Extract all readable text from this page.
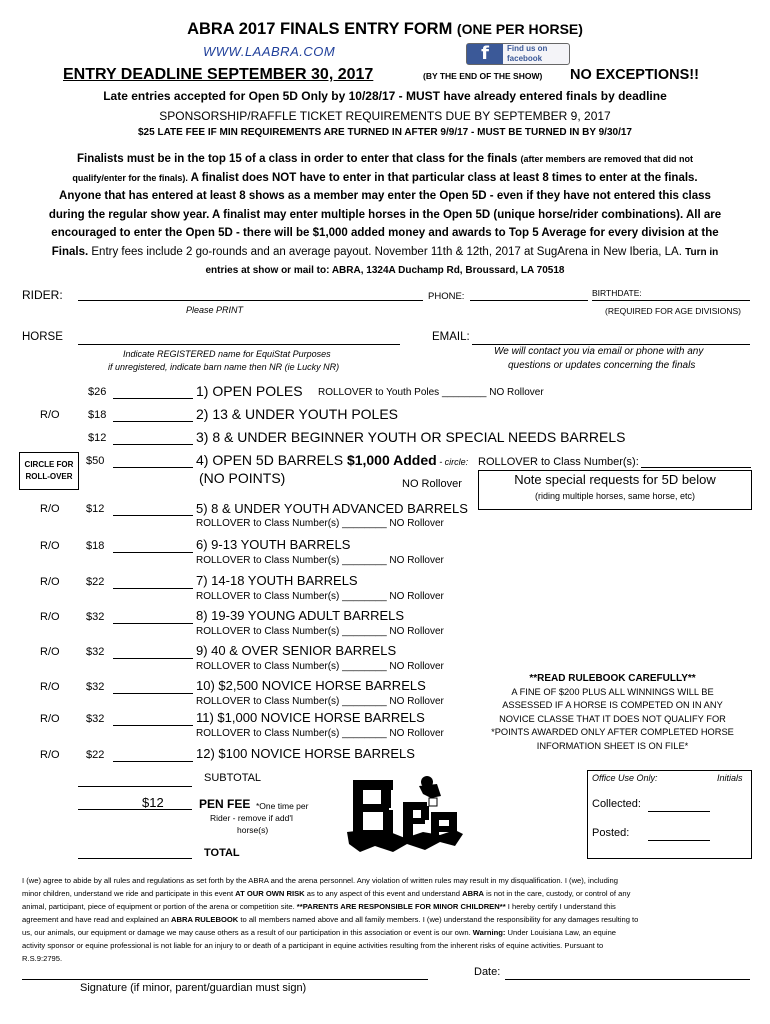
ABRA 2017 FINALS ENTRY FORM (ONE PER HORSE)
WWW.LAABRA.COM	f	Find us on
facebook
ENTRY DEADLINE SEPTEMBER 30, 2017	(BY THE END OF THE SHOW) NO EXCEPTIONS!!
Late entries accepted for Open 5D Only by 10/28/17 - MUST have already entered finals by deadline
SPONSORSHIP/RAFFLE TICKET REQUIREMENTS DUE BY SEPTEMBER 9, 2017
$25 LATE FEE IF MIN REQUIREMENTS ARE TURNED IN AFTER 9/9/17 - MUST BE TURNED IN BY 9/30/17
Finalists must be in the top 15 of a class in order to enter that class for the finals (after members are removed that did not
qualify/enter for the finals). A finalist does NOT have to enter in that particular class at least 8 times to enter at the finals.
Anyone that has entered at least 8 shows as a member may enter the Open 5D - even if they have not entered this class
during the regular show year. A finalist may enter multiple horses in the Open 5D (unique horse/rider combinations). All are
encouraged to enter the Open 5D - there will be $1,000 added money and awards to Top 5 Average for every division at the
Finals. Entry fees include 2 go-rounds and an average payout. November 11th & 12th, 2017 at SugArena in New Iberia, LA. Turn in
entries at show or mail to: ABRA, 1324A Duchamp Rd, Broussard, LA 70518
RIDER:
Please PRINT
PHONE:	BIRTHDATE:
(REQUIRED FOR AGE DIVISIONS)
HORSE
Indicate REGISTERED name for EquiStat Purposes
if unregistered, indicate barn name then NR (ie Lucky NR)
EMAIL:
We will contact you via email or phone with any
questions or updates concerning the finals
$26	1) OPEN POLES ROLLOVER to Youth Poles ________ NO Rollover
R/O	$18	2) 13 & UNDER YOUTH POLES
$12	3) 8 & UNDER BEGINNER YOUTH OR SPECIAL NEEDS BARRELS
CIRCLE FOR
ROLL-OVER
$50	4) OPEN 5D BARRELS $1,000 Added - circle:
(NO POINTS)	NO Rollover
ROLLOVER to Class Number(s):
Note special requests for 5D below
(riding multiple horses, same horse, etc)
R/O $12	5) 8 & UNDER YOUTH ADVANCED BARRELS
ROLLOVER to Class Number(s) ________ NO Rollover
R/O $18	6) 9-13 YOUTH BARRELS
ROLLOVER to Class Number(s) ________ NO Rollover
R/O $22	7) 14-18 YOUTH BARRELS
ROLLOVER to Class Number(s) ________ NO Rollover
R/O $32	8) 19-39 YOUNG ADULT BARRELS
ROLLOVER to Class Number(s) ________ NO Rollover
R/O $32	9) 40 & OVER SENIOR BARRELS
ROLLOVER to Class Number(s) ________ NO Rollover
R/O $32	10) $2,500 NOVICE HORSE BARRELS
ROLLOVER to Class Number(s) ________ NO Rollover
R/O $32	11) $1,000 NOVICE HORSE BARRELS
ROLLOVER to Class Number(s) ________ NO Rollover
R/O $22	12) $100 NOVICE HORSE BARRELS
**READ RULEBOOK CAREFULLY**
A FINE OF $200 PLUS ALL WINNINGS WILL BE
ASSESSED IF A HORSE IS COMPETED ON IN ANY
NOVICE CLASSE THAT IT DOES NOT QUALIFY FOR
*POINTS AWARDED ONLY AFTER COMPLETED HORSE
INFORMATION SHEET IS ON FILE*
SUBTOTAL
$12	PEN FEE *One time per
Rider - remove if add'l
horse(s)
TOTAL
Office Use Only:	Initials
Collected:
Posted:
I (we) agree to abide by all rules and regulations as set forth by the ABRA and the arena personnel. Any violation of written rules may result in my disqualification. I (we), including
minor children, understand we ride and participate in this event AT OUR OWN RISK as to any aspect of this event and understand ABRA is not in the care, custody, or control of any
animal, participant, piece of equipment or portion of the arena or competition site. **PARENTS ARE RESPONSIBLE FOR MINOR CHILDREN** I hereby certify I understand this
agreement and have read and explained an ABRA RULEBOOK to all members named above and all family members. I (we) understand the responsibility for any damages resulting to
us, our animals, our equipment or damage we may cause others as a result of our participation in this association or event is our own. Warning: Under Louisiana Law, an equine
activity sponsor or equine professional is not liable for an injury to or death of a participant in equine activities resulting from the inherent risks of equine activities. Pursuant to
R.S.9:2795.
Date:
Signature (if minor, parent/guardian must sign)
